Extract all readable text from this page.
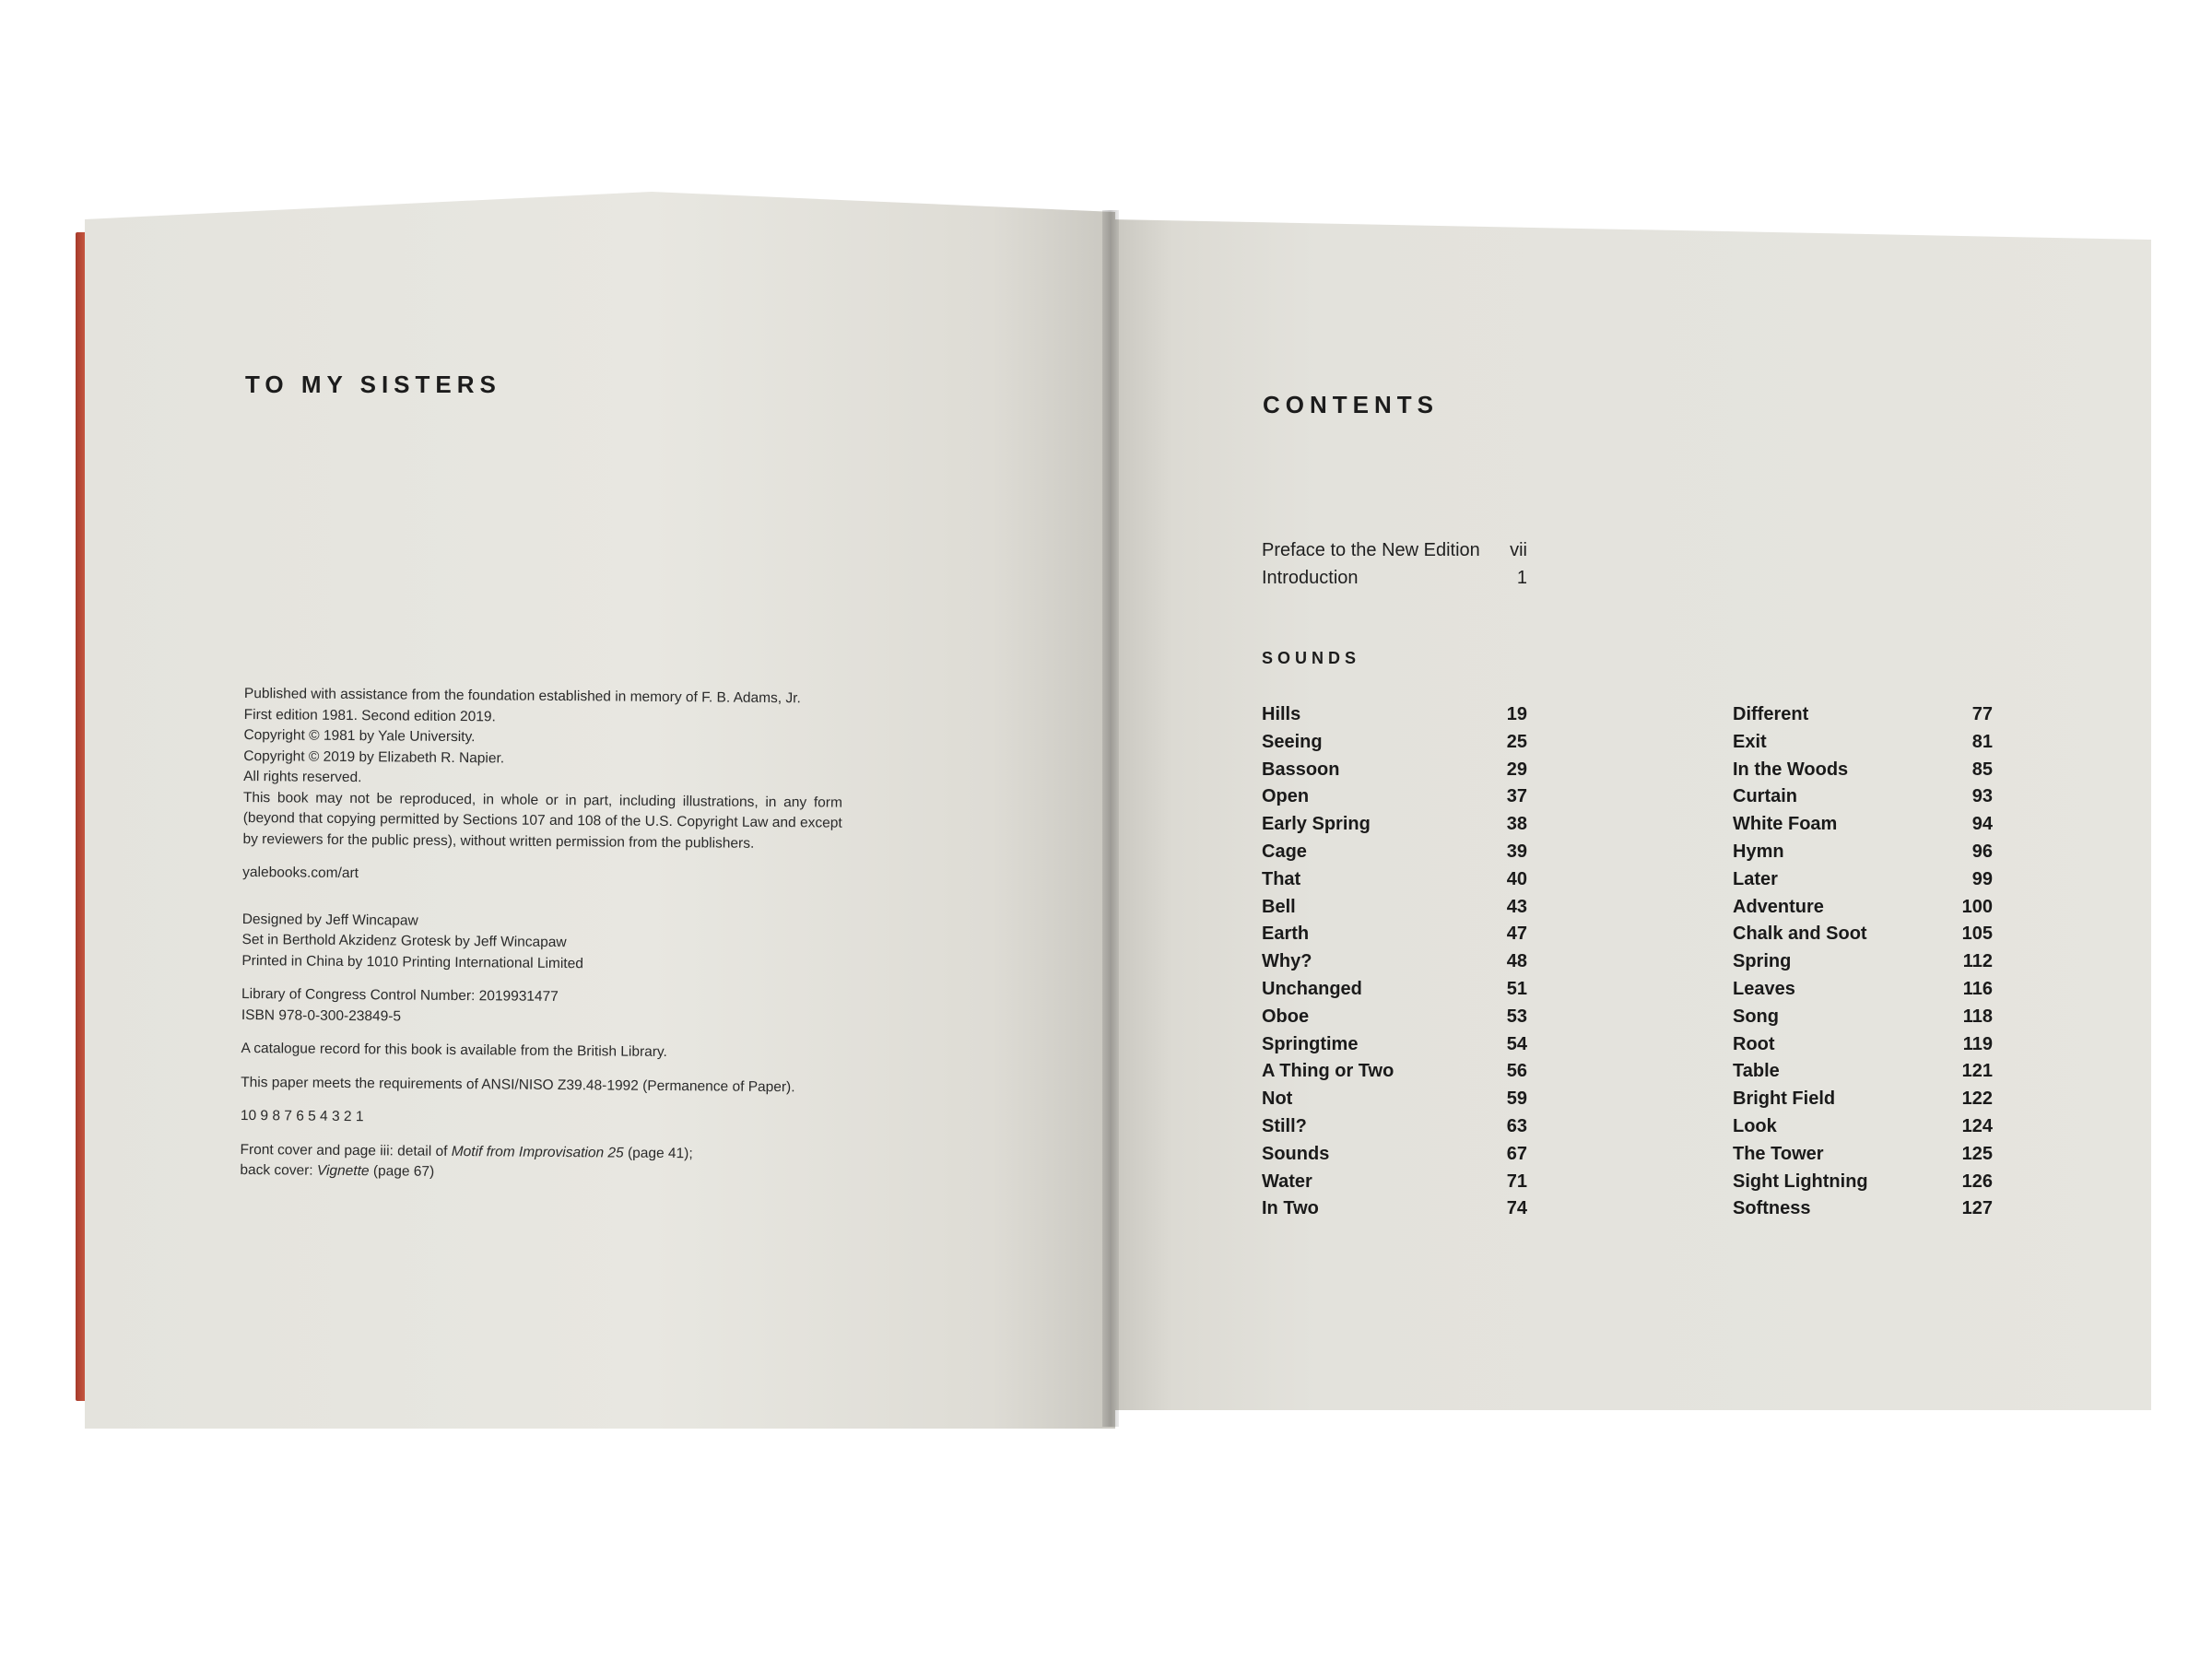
TO MY SISTERS

Published with assistance from the foundation established in memory of F. B. Adams, Jr.

First edition 1981. Second edition 2019.

Copyright © 1981 by Yale University.

Copyright © 2019 by Elizabeth R. Napier.

All rights reserved.

This book may not be reproduced, in whole or in part, including illustrations, in any form (beyond that copying permitted by Sections 107 and 108 of the U.S. Copyright Law and except by reviewers for the public press), without written permission from the publishers.

yalebooks.com/art

Designed by Jeff Wincapaw

Set in Berthold Akzidenz Grotesk by Jeff Wincapaw

Printed in China by 1010 Printing International Limited

Library of Congress Control Number: 2019931477

ISBN 978-0-300-23849-5

A catalogue record for this book is available from the British Library.

This paper meets the requirements of ANSI/NISO Z39.48-1992 (Permanence of Paper).

10 9 8 7 6 5 4 3 2 1

Front cover and page iii: detail of Motif from Improvisation 25 (page 41);

back cover: Vignette (page 67)

CONTENTS
Preface to the New Edition vii
Introduction	1
SOUNDS
Hills	19
Seeing	25
Bassoon	29
Open	37
Early Spring	38
Cage	39
That	40
Bell	43
Earth	47
Why?	48
Unchanged	51
Oboe	53
Springtime	54
A Thing or Two	56
Not	59
Still?	63
Sounds	67
Water	71
In Two	74
Different	77
Exit	81
In the Woods	85
Curtain	93
White Foam	94
Hymn	96
Later	99
Adventure	100
Chalk and Soot	105
Spring	112
Leaves	116
Song	118
Root	119
Table	121
Bright Field	122
Look	124
The Tower	125
Sight Lightning	126
Softness	127
